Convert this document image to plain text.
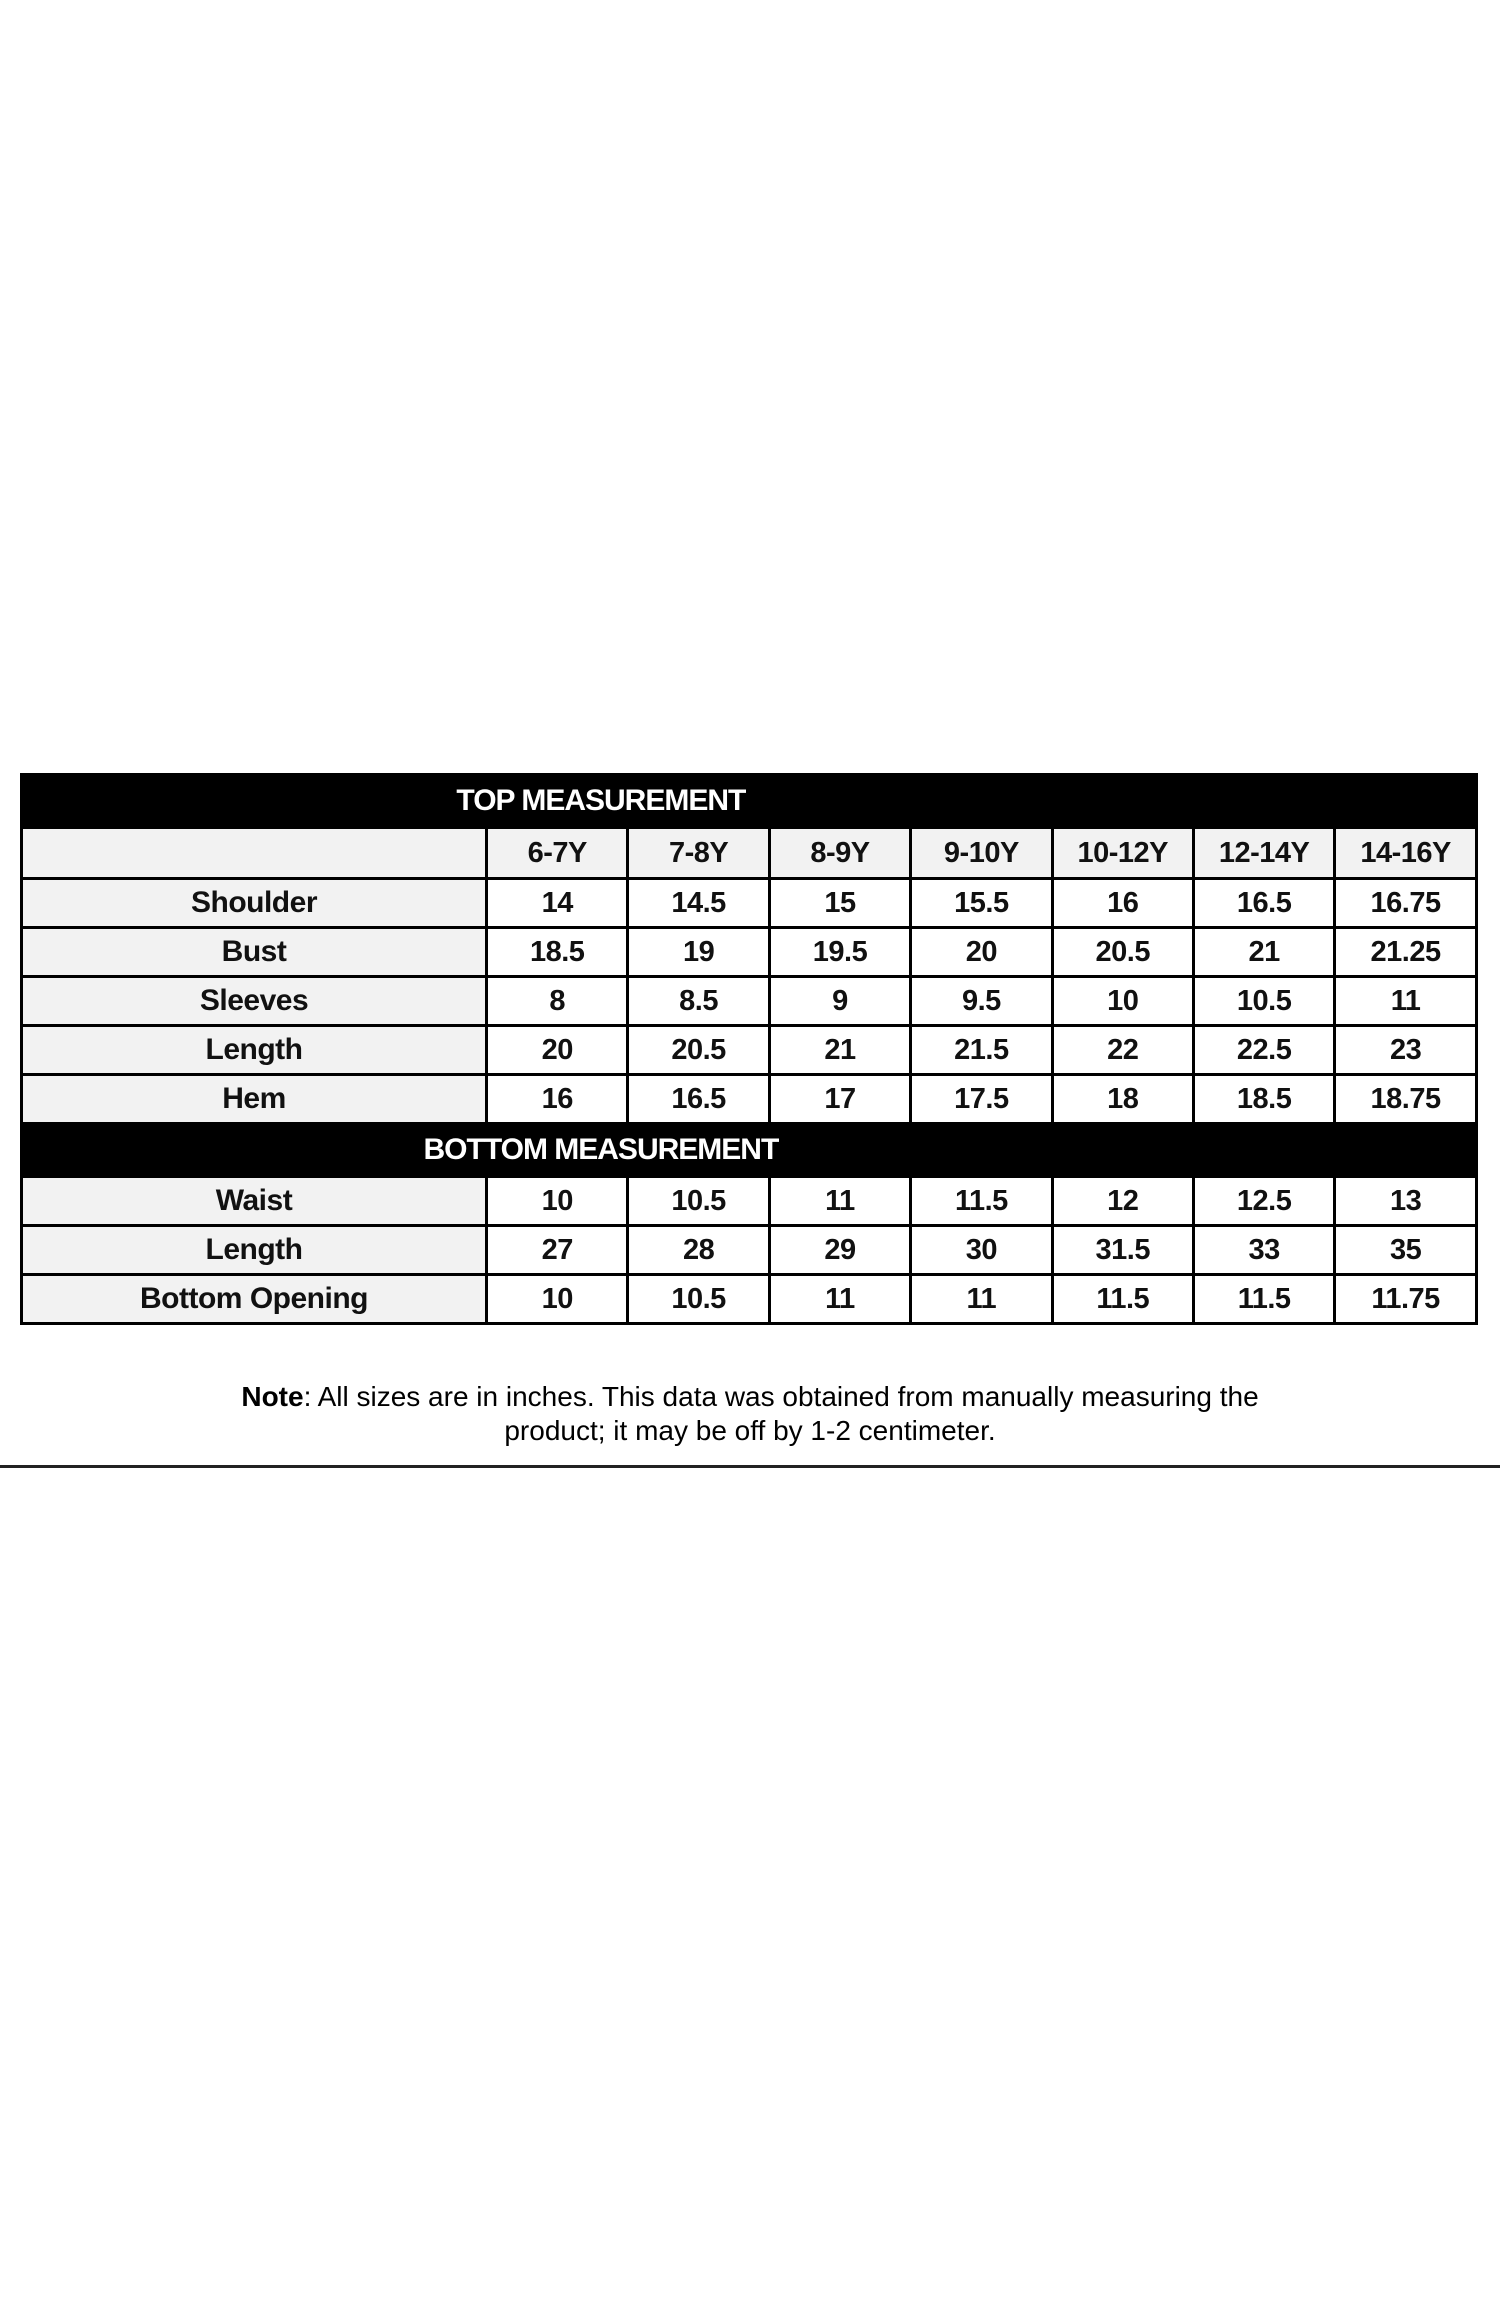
TOP MEASUREMENT							
	6-7Y	7-8Y	8-9Y	9-10Y	10-12Y	12-14Y	14-16Y
Shoulder	14	14.5	15	15.5	16	16.5	16.75
Bust	18.5	19	19.5	20	20.5	21	21.25
Sleeves	8	8.5	9	9.5	10	10.5	11
Length	20	20.5	21	21.5	22	22.5	23
Hem	16	16.5	17	17.5	18	18.5	18.75
BOTTOM MEASUREMENT							
Waist	10	10.5	11	11.5	12	12.5	13
Length	27	28	29	30	31.5	33	35
Bottom Opening	10	10.5	11	11	11.5	11.5	11.75
Note: All sizes are in inches. This data was obtained from manually measuring the
product; it may be off by 1-2 centimeter.
